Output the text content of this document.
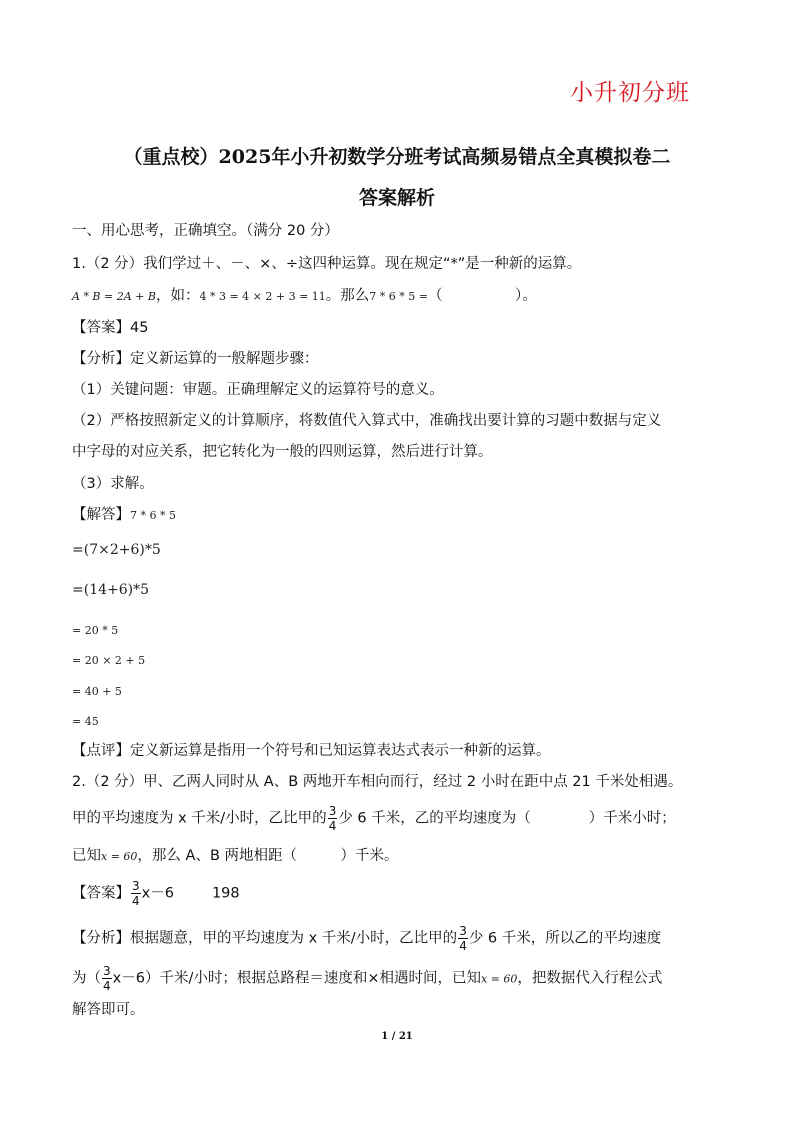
小升初分班
（重点校）2025年小升初数学分班考试高频易错点全真模拟卷二
答案解析
一、用心思考，正确填空。（满分 20 分）
1.（2 分）我们学过＋、－、×、÷这四种运算。现在规定“*”是一种新的运算。
A * B = 2A + B，如：4 * 3 = 4 × 2 + 3 = 11。那么7 * 6 * 5 =（　　　　　）。
【答案】45
【分析】定义新运算的一般解题步骤：
（1）关键问题：审题。正确理解定义的运算符号的意义。
（2）严格按照新定义的计算顺序，将数值代入算式中，准确找出要计算的习题中数据与定义
中字母的对应关系，把它转化为一般的四则运算，然后进行计算。
（3）求解。
【解答】7 * 6 * 5
=(7×2+6)*5
=(14+6)*5
= 20 * 5
= 20 × 2 + 5
= 40 + 5
= 45
【点评】定义新运算是指用一个符号和已知运算表达式表示一种新的运算。
2.（2 分）甲、乙两人同时从 A、B 两地开车相向而行，经过 2 小时在距中点 21 千米处相遇。
甲的平均速度为 x 千米/小时，乙比甲的 $\frac{3}{4}$ 少 6 千米，乙的平均速度为（　　　　）千米小时；
已知x = 60，那么 A、B 两地相距（　　　）千米。
【答案】 $\frac{3}{4} x-6$	198
【分析】根据题意，甲的平均速度为 x 千米/小时，乙比甲的 $\frac{3}{4}$ 少 6 千米，所以乙的平均速度
为（ $\frac{3}{4} x-6$）千米/小时；根据总路程＝速度和×相遇时间，已知x = 60，把数据代入行程公式
解答即可。
1 / 21
